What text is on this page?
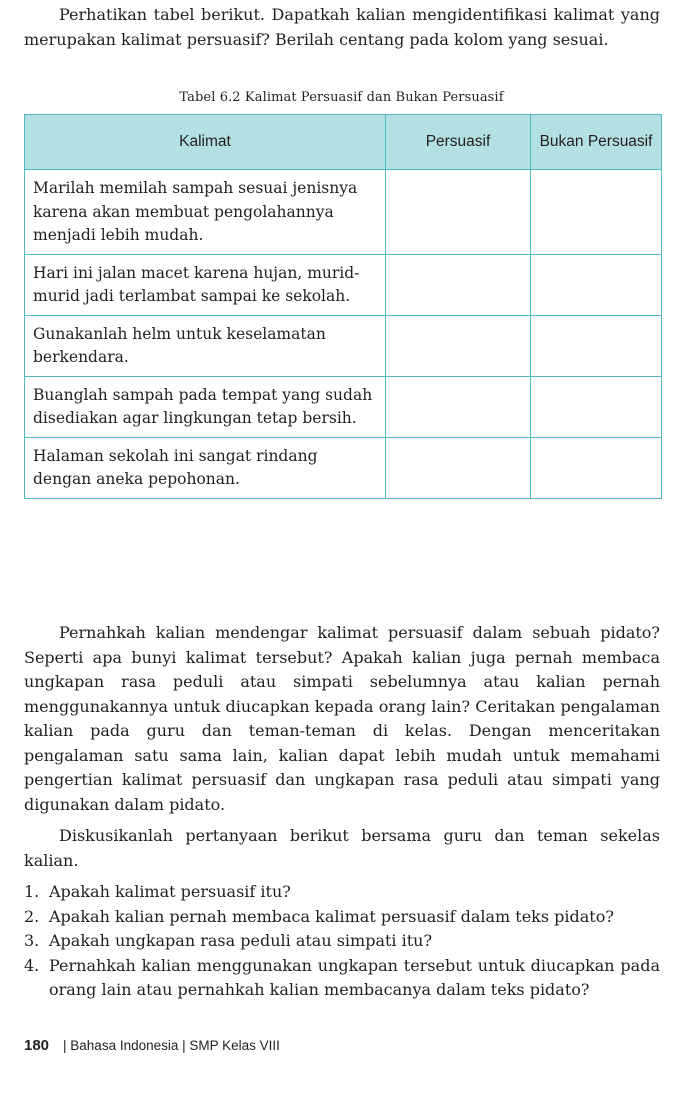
Perhatikan tabel berikut. Dapatkah kalian mengidentifikasi kalimat yang merupakan kalimat persuasif? Berilah centang pada kolom yang sesuai.

Tabel 6.2 Kalimat Persuasif dan Bukan Persuasif

Kalimat	Persuasif	Bukan Persuasif
Marilah memilah sampah sesuai jenisnya karena akan membuat pengolahannya menjadi lebih mudah.		
Hari ini jalan macet karena hujan, murid-murid jadi terlambat sampai ke sekolah.		
Gunakanlah helm untuk keselamatan berkendara.		
Buanglah sampah pada tempat yang sudah disediakan agar lingkungan tetap bersih.		
Halaman sekolah ini sangat rindang dengan aneka pepohonan.		

Pernahkah kalian mendengar kalimat persuasif dalam sebuah pidato? Seperti apa bunyi kalimat tersebut? Apakah kalian juga pernah membaca ungkapan rasa peduli atau simpati sebelumnya atau kalian pernah menggunakannya untuk diucapkan kepada orang lain? Ceritakan pengalaman kalian pada guru dan teman-teman di kelas. Dengan menceritakan pengalaman satu sama lain, kalian dapat lebih mudah untuk memahami pengertian kalimat persuasif dan ungkapan rasa peduli atau simpati yang digunakan dalam pidato.

Diskusikanlah pertanyaan berikut bersama guru dan teman sekelas kalian.

1. Apakah kalimat persuasif itu?
2. Apakah kalian pernah membaca kalimat persuasif dalam teks pidato?
3. Apakah ungkapan rasa peduli atau simpati itu?
4. Pernahkah kalian menggunakan ungkapan tersebut untuk diucapkan pada orang lain atau pernahkah kalian membacanya dalam teks pidato?
180 | Bahasa Indonesia | SMP Kelas VIII
